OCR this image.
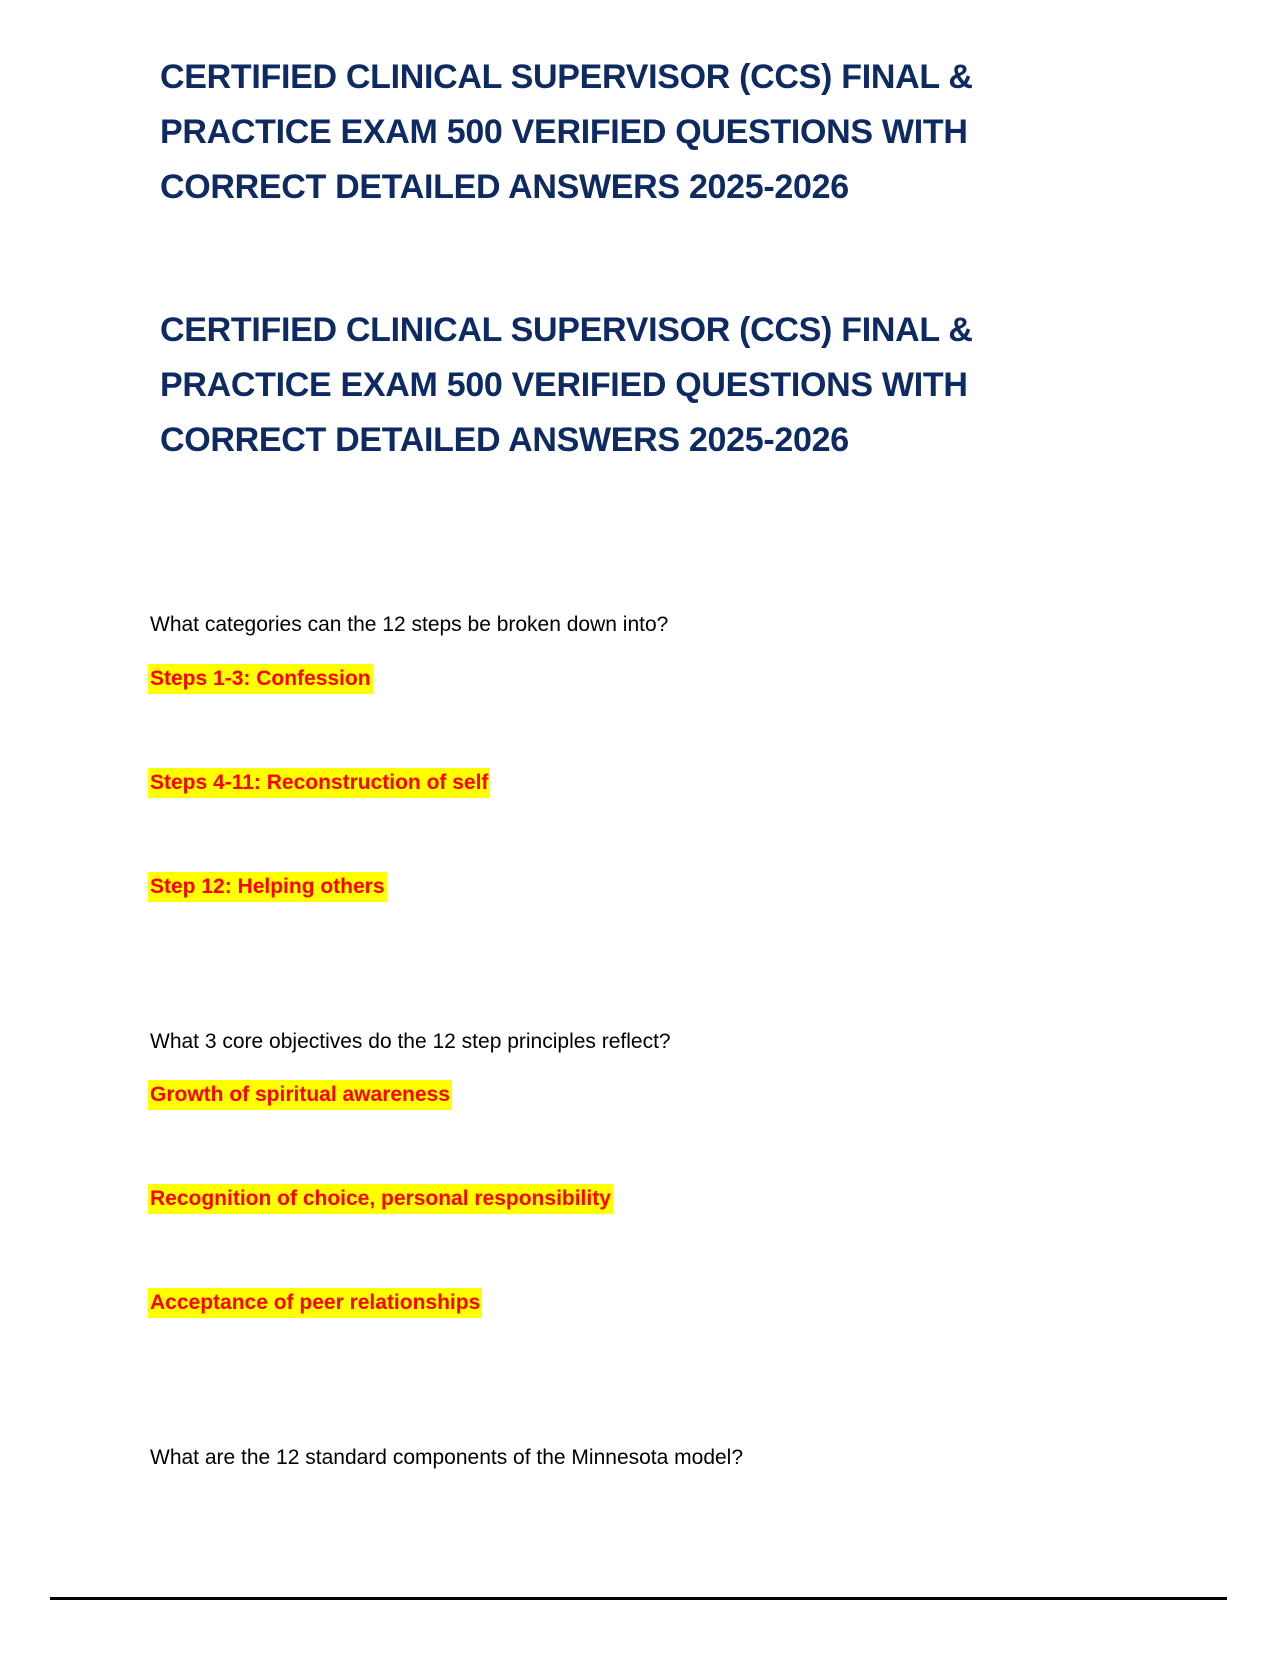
CERTIFIED CLINICAL SUPERVISOR (CCS) FINAL &
PRACTICE EXAM 500 VERIFIED QUESTIONS WITH
CORRECT DETAILED ANSWERS 2025-2026
CERTIFIED CLINICAL SUPERVISOR (CCS) FINAL &
PRACTICE EXAM 500 VERIFIED QUESTIONS WITH
CORRECT DETAILED ANSWERS 2025-2026
What categories can the 12 steps be broken down into?
Steps 1-3: Confession
Steps 4-11: Reconstruction of self
Step 12: Helping others
What 3 core objectives do the 12 step principles reflect?
Growth of spiritual awareness
Recognition of choice, personal responsibility
Acceptance of peer relationships
What are the 12 standard components of the Minnesota model?
